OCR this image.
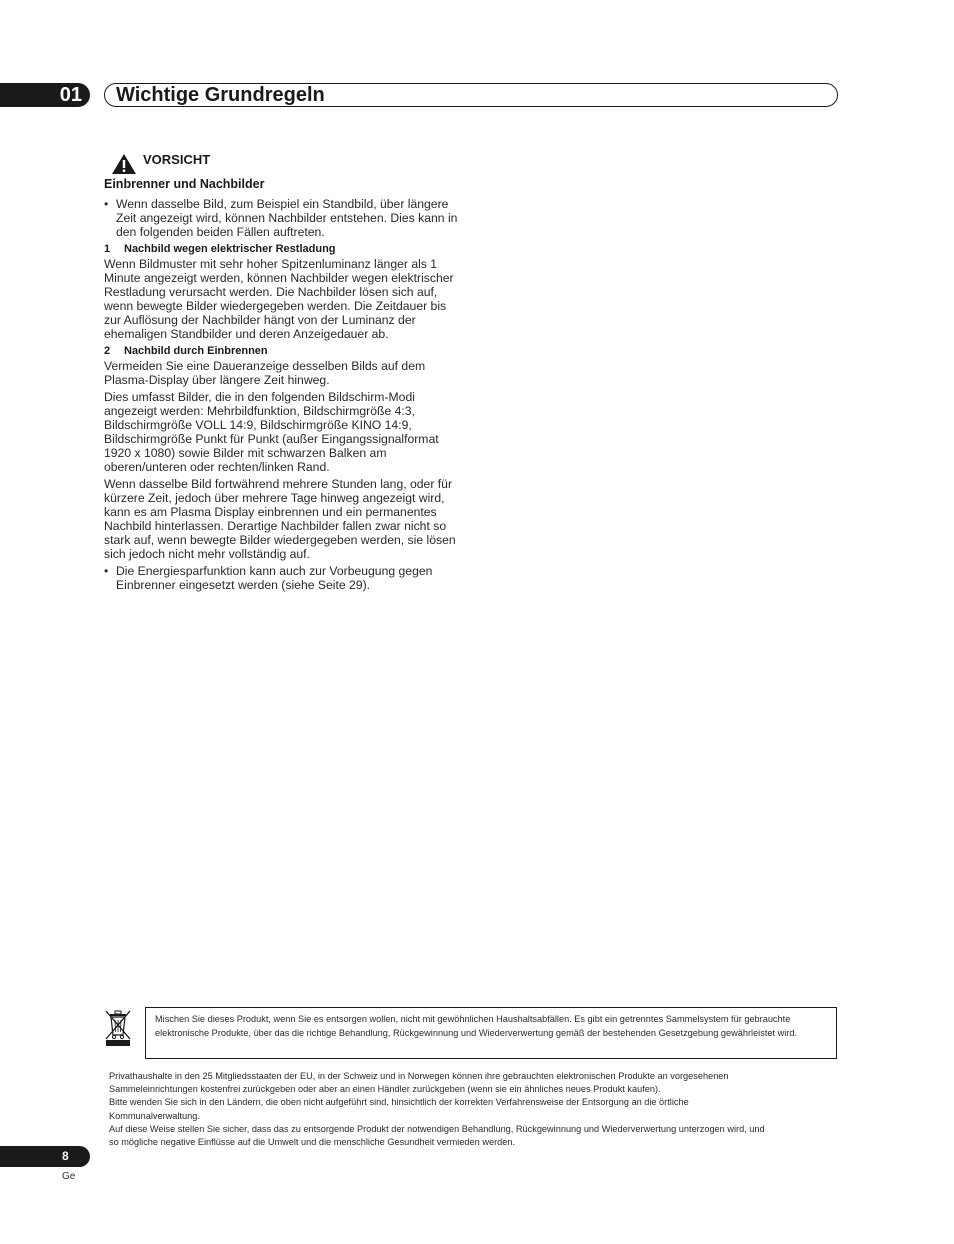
01 Wichtige Grundregeln
VORSICHT

Einbrenner und Nachbilder

• Wenn dasselbe Bild, zum Beispiel ein Standbild, über längere Zeit angezeigt wird, können Nachbilder entstehen. Dies kann in den folgenden beiden Fällen auftreten.

1 Nachbild wegen elektrischer Restladung

Wenn Bildmuster mit sehr hoher Spitzenluminanz länger als 1 Minute angezeigt werden, können Nachbilder wegen elektrischer Restladung verursacht werden. Die Nachbilder lösen sich auf, wenn bewegte Bilder wiedergegeben werden. Die Zeitdauer bis zur Auflösung der Nachbilder hängt von der Luminanz der ehemaligen Standbilder und deren Anzeigedauer ab.

2 Nachbild durch Einbrennen

Vermeiden Sie eine Daueranzeige desselben Bilds auf dem Plasma-Display über längere Zeit hinweg.

Dies umfasst Bilder, die in den folgenden Bildschirm-Modi angezeigt werden: Mehrbildfunktion, Bildschirmgröße 4:3, Bildschirmgröße VOLL 14:9, Bildschirmgröße KINO 14:9, Bildschirmgröße Punkt für Punkt (außer Eingangssignalformat 1920 x 1080) sowie Bilder mit schwarzen Balken am oberen/unteren oder rechten/linken Rand.

Wenn dasselbe Bild fortwährend mehrere Stunden lang, oder für kürzere Zeit, jedoch über mehrere Tage hinweg angezeigt wird, kann es am Plasma Display einbrennen und ein permanentes Nachbild hinterlassen. Derartige Nachbilder fallen zwar nicht so stark auf, wenn bewegte Bilder wiedergegeben werden, sie lösen sich jedoch nicht mehr vollständig auf.

• Die Energiesparfunktion kann auch zur Vorbeugung gegen Einbrenner eingesetzt werden (siehe Seite 29).
Mischen Sie dieses Produkt, wenn Sie es entsorgen wollen, nicht mit gewöhnlichen Haushaltsabfällen. Es gibt ein getrenntes Sammelsystem für gebrauchte elektronische Produkte, über das die richtige Behandlung, Rückgewinnung und Wiederverwertung gemäß der bestehenden Gesetzgebung gewährleistet wird.

Privathaushalte in den 25 Mitgliedsstaaten der EU, in der Schweiz und in Norwegen können ihre gebrauchten elektronischen Produkte an vorgesehenen

Sammeleinrichtungen kostenfrei zurückgeben oder aber an einen Händler zurückgeben (wenn sie ein ähnliches neues Produkt kaufen).

Bitte wenden Sie sich in den Ländern, die oben nicht aufgeführt sind, hinsichtlich der korrekten Verfahrensweise der Entsorgung an die örtliche

Kommunalverwaltung.

Auf diese Weise stellen Sie sicher, dass das zu entsorgende Produkt der notwendigen Behandlung, Rückgewinnung und Wiederverwertung unterzogen wird, und

so mögliche negative Einflüsse auf die Umwelt und die menschliche Gesundheit vermieden werden.

8
Ge
